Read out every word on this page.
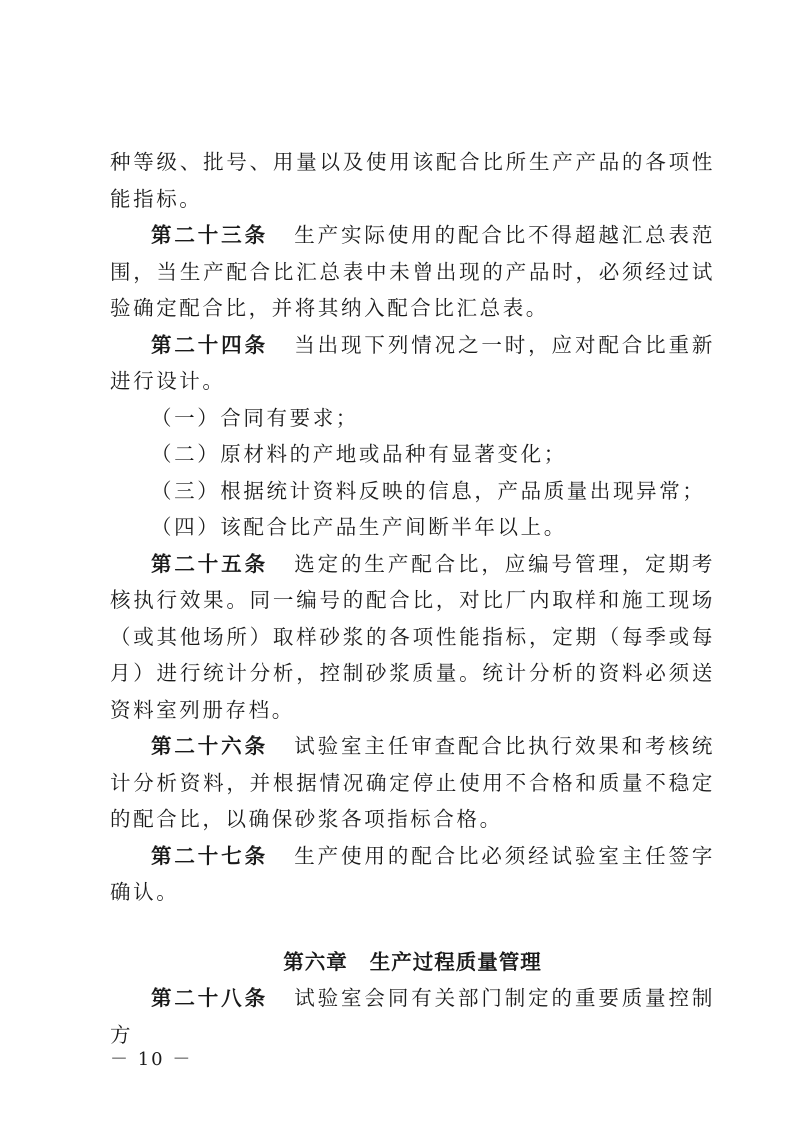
种等级、批号、用量以及使用该配合比所生产产品的各项性能指标。

第二十三条 生产实际使用的配合比不得超越汇总表范围，当生产配合比汇总表中未曾出现的产品时，必须经过试验确定配合比，并将其纳入配合比汇总表。

第二十四条 当出现下列情况之一时，应对配合比重新进行设计。

（一）合同有要求；

（二）原材料的产地或品种有显著变化；

（三）根据统计资料反映的信息，产品质量出现异常；

（四）该配合比产品生产间断半年以上。

第二十五条 选定的生产配合比，应编号管理，定期考核执行效果。同一编号的配合比，对比厂内取样和施工现场（或其他场所）取样砂浆的各项性能指标，定期（每季或每月）进行统计分析，控制砂浆质量。统计分析的资料必须送资料室列册存档。

第二十六条 试验室主任审查配合比执行效果和考核统计分析资料，并根据情况确定停止使用不合格和质量不稳定的配合比，以确保砂浆各项指标合格。

第二十七条 生产使用的配合比必须经试验室主任签字确认。

第六章 生产过程质量管理

第二十八条 试验室会同有关部门制定的重要质量控制方

－ 10 －
